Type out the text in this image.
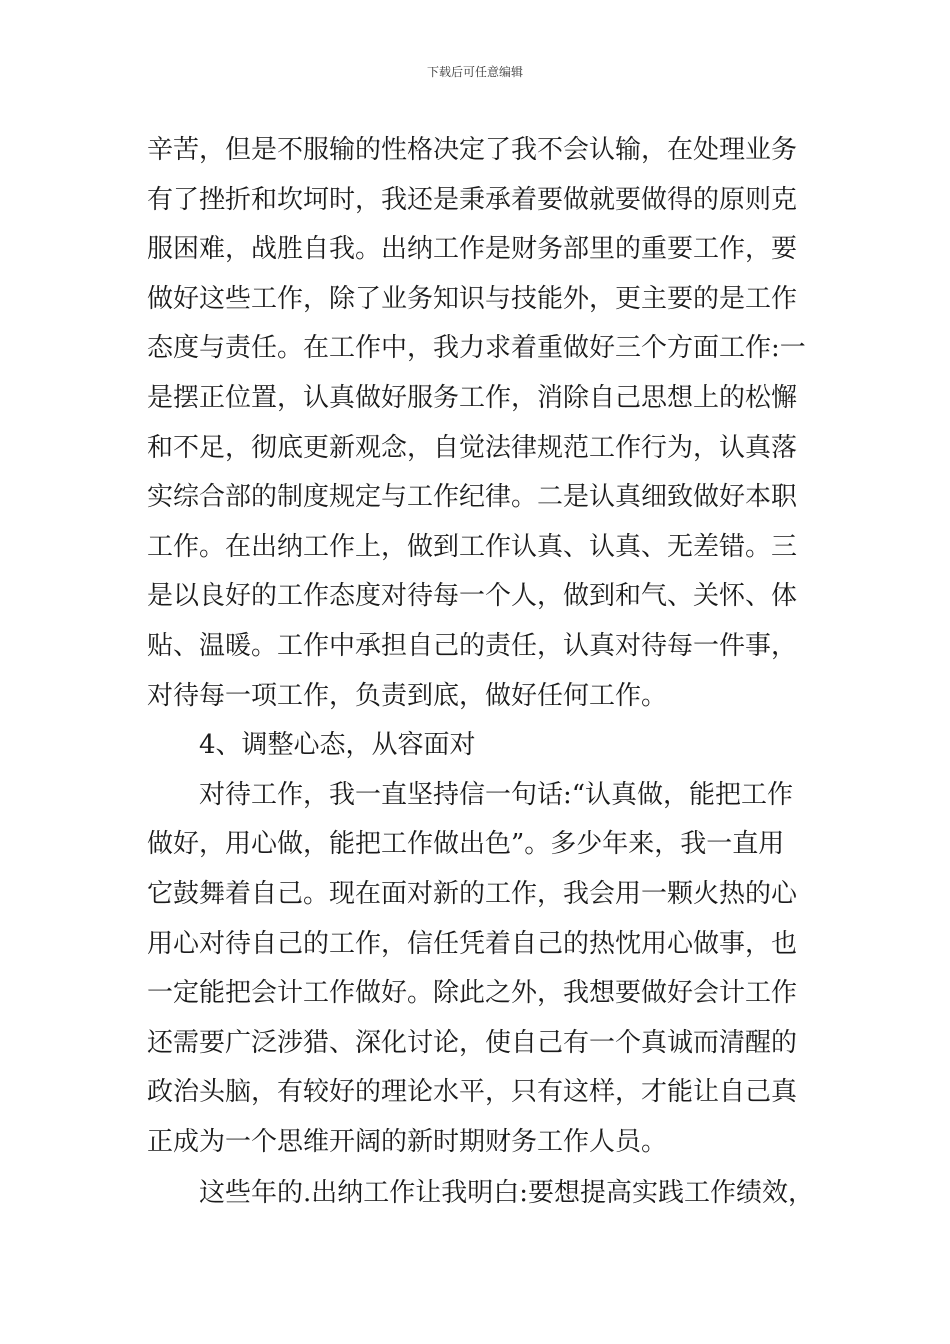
下载后可任意编辑
辛苦，但是不服输的性格决定了我不会认输，在处理业务
有了挫折和坎坷时，我还是秉承着要做就要做得的原则克
服困难，战胜自我。出纳工作是财务部里的重要工作，要
做好这些工作，除了业务知识与技能外，更主要的是工作
态度与责任。在工作中，我力求着重做好三个方面工作:一
是摆正位置，认真做好服务工作，消除自己思想上的松懈
和不足，彻底更新观念，自觉法律规范工作行为，认真落
实综合部的制度规定与工作纪律。二是认真细致做好本职
工作。在出纳工作上，做到工作认真、认真、无差错。三
是以良好的工作态度对待每一个人，做到和气、关怀、体
贴、温暖。工作中承担自己的责任，认真对待每一件事，
对待每一项工作，负责到底，做好任何工作。
4、调整心态，从容面对
对待工作，我一直坚持信一句话:“认真做，能把工作
做好，用心做，能把工作做出色”。多少年来，我一直用
它鼓舞着自己。现在面对新的工作，我会用一颗火热的心
用心对待自己的工作，信任凭着自己的热忱用心做事，也
一定能把会计工作做好。除此之外，我想要做好会计工作
还需要广泛涉猎、深化讨论，使自己有一个真诚而清醒的
政治头脑，有较好的理论水平，只有这样，才能让自己真
正成为一个思维开阔的新时期财务工作人员。
这些年的.出纳工作让我明白:要想提高实践工作绩效，
